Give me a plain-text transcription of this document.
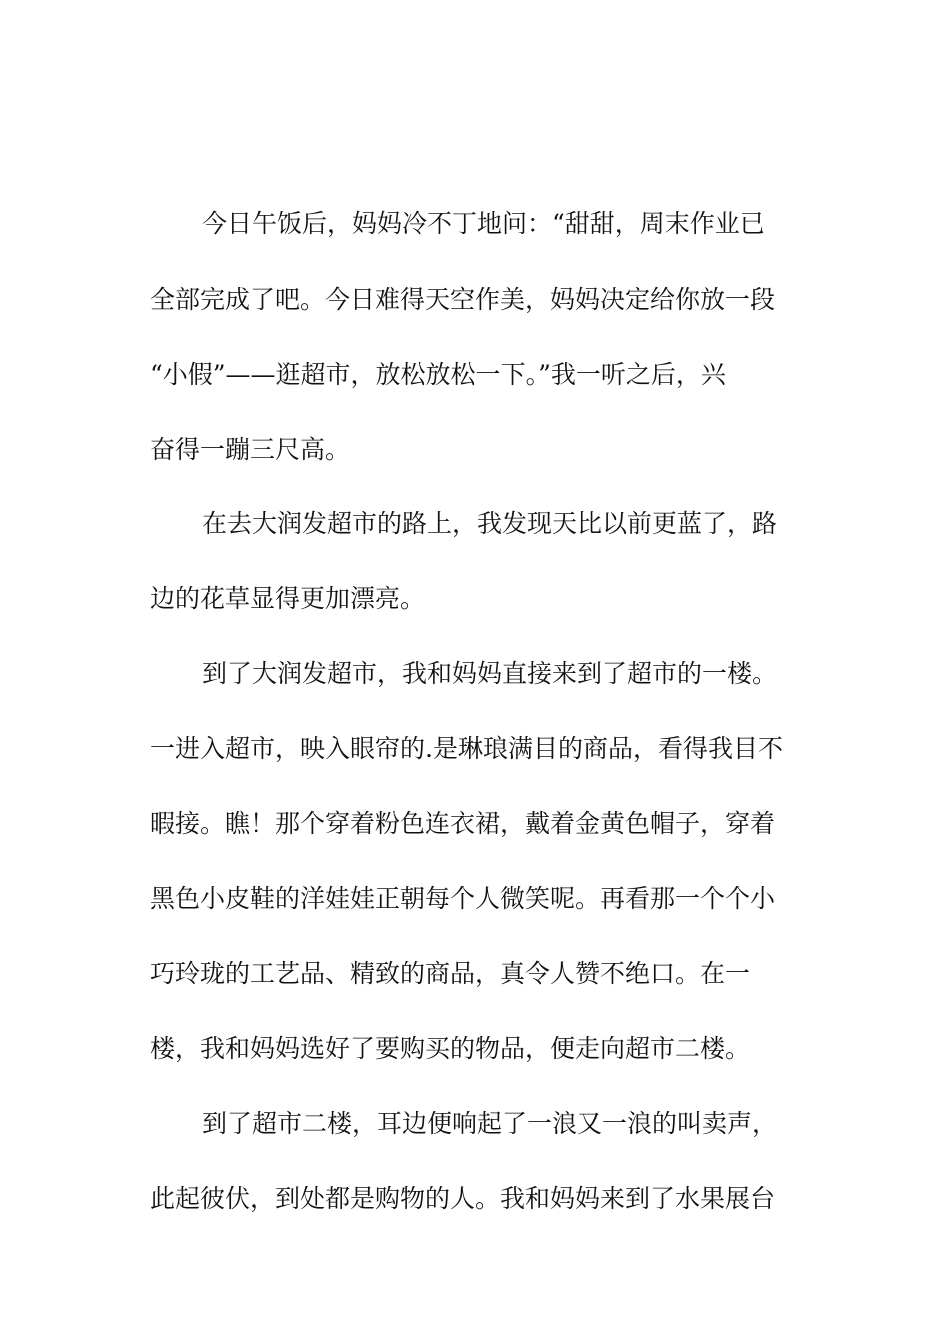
今日午饭后，妈妈冷不丁地问：“甜甜，周末作业已
全部完成了吧。今日难得天空作美，妈妈决定给你放一段
“小假”——逛超市，放松放松一下。”我一听之后，兴
奋得一蹦三尺高。
在去大润发超市的路上，我发现天比以前更蓝了，路
边的花草显得更加漂亮。
到了大润发超市，我和妈妈直接来到了超市的一楼。
一进入超市，映入眼帘的.是琳琅满目的商品，看得我目不
暇接。瞧！那个穿着粉色连衣裙，戴着金黄色帽子，穿着
黑色小皮鞋的洋娃娃正朝每个人微笑呢。再看那一个个小
巧玲珑的工艺品、精致的商品，真令人赞不绝口。在一
楼，我和妈妈选好了要购买的物品，便走向超市二楼。
到了超市二楼，耳边便响起了一浪又一浪的叫卖声，
此起彼伏，到处都是购物的人。我和妈妈来到了水果展台
